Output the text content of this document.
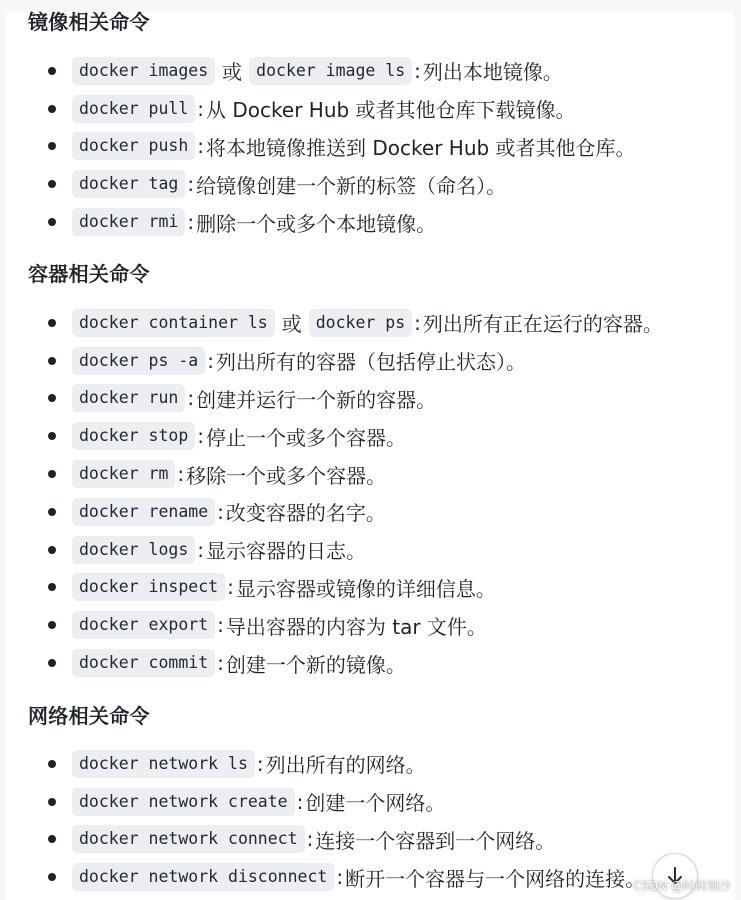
镜像相关命令
docker images 或 docker image ls : 列出本地镜像。
docker pull : 从 Docker Hub 或者其他仓库下载镜像。
docker push : 将本地镜像推送到 Docker Hub 或者其他仓库。
docker tag : 给镜像创建一个新的标签（命名）。
docker rmi : 删除一个或多个本地镜像。
容器相关命令
docker container ls 或 docker ps : 列出所有正在运行的容器。
docker ps -a : 列出所有的容器（包括停止状态）。
docker run : 创建并运行一个新的容器。
docker stop : 停止一个或多个容器。
docker rm : 移除一个或多个容器。
docker rename : 改变容器的名字。
docker logs : 显示容器的日志。
docker inspect : 显示容器或镜像的详细信息。
docker export : 导出容器的内容为 tar 文件。
docker commit : 创建一个新的镜像。
网络相关命令
docker network ls : 列出所有的网络。
docker network create : 创建一个网络。
docker network connect : 连接一个容器到一个网络。
docker network disconnect : 断开一个容器与一个网络的连接。
CSDN @时间刻沙
